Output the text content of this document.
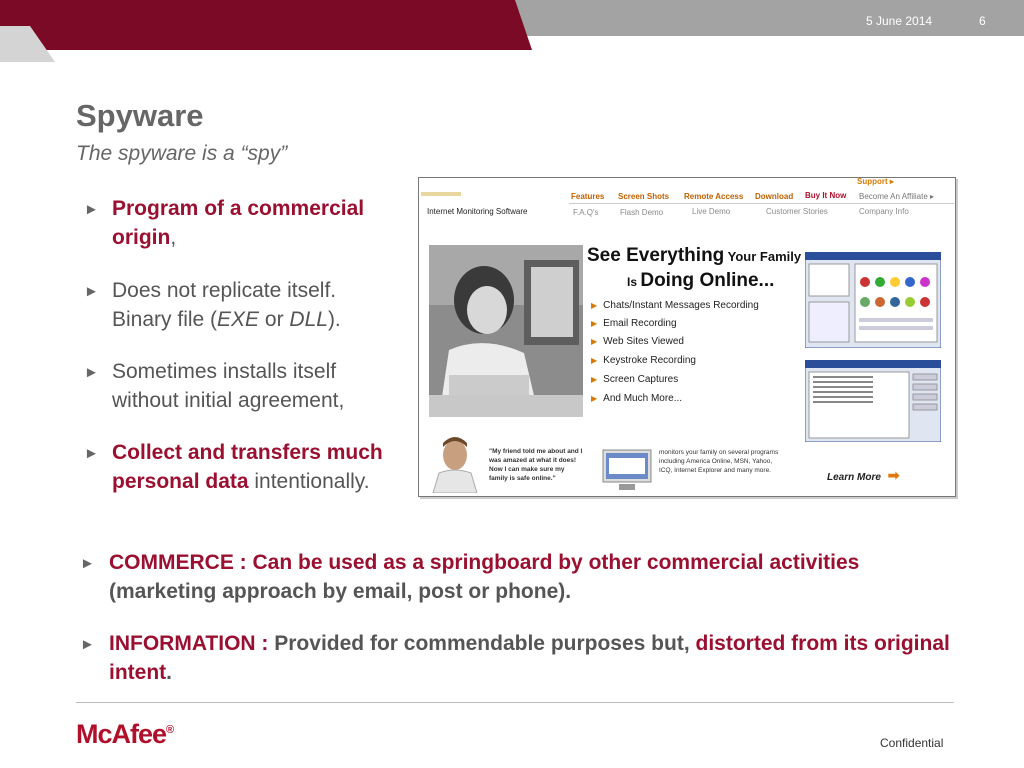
5 June 2014	6
Spyware
The spyware is a “spy”
► Program of a commercial origin,
► Does not replicate itself. Binary file (EXE or DLL).
► Sometimes installs itself without initial agreement,
► Collect and transfers much personal data intentionally.
Support ▸
Features Screen Shots Remote Access Download Buy It Now Become An Affiliate ▸
Internet Monitoring Software	F.A.Q's	Flash Demo	Live Demo	Customer Stories	Company Info
See Everything Your Family
Is Doing Online...
▶ Chats/Instant Messages Recording
▶ Email Recording
▶ Web Sites Viewed
▶ Keystroke Recording
▶ Screen Captures
▶ And Much More...
"My friend told me about and I was amazed at what it does! Now I can make sure my family is safe online."
monitors your family on several programs including America Online, MSN, Yahoo, ICQ, Internet Explorer and many more.
Learn More ➡
► COMMERCE : Can be used as a springboard by other commercial activities (marketing approach by email, post or phone).
► INFORMATION : Provided for commendable purposes but, distorted from its original intent.
McAfee®
Confidential
